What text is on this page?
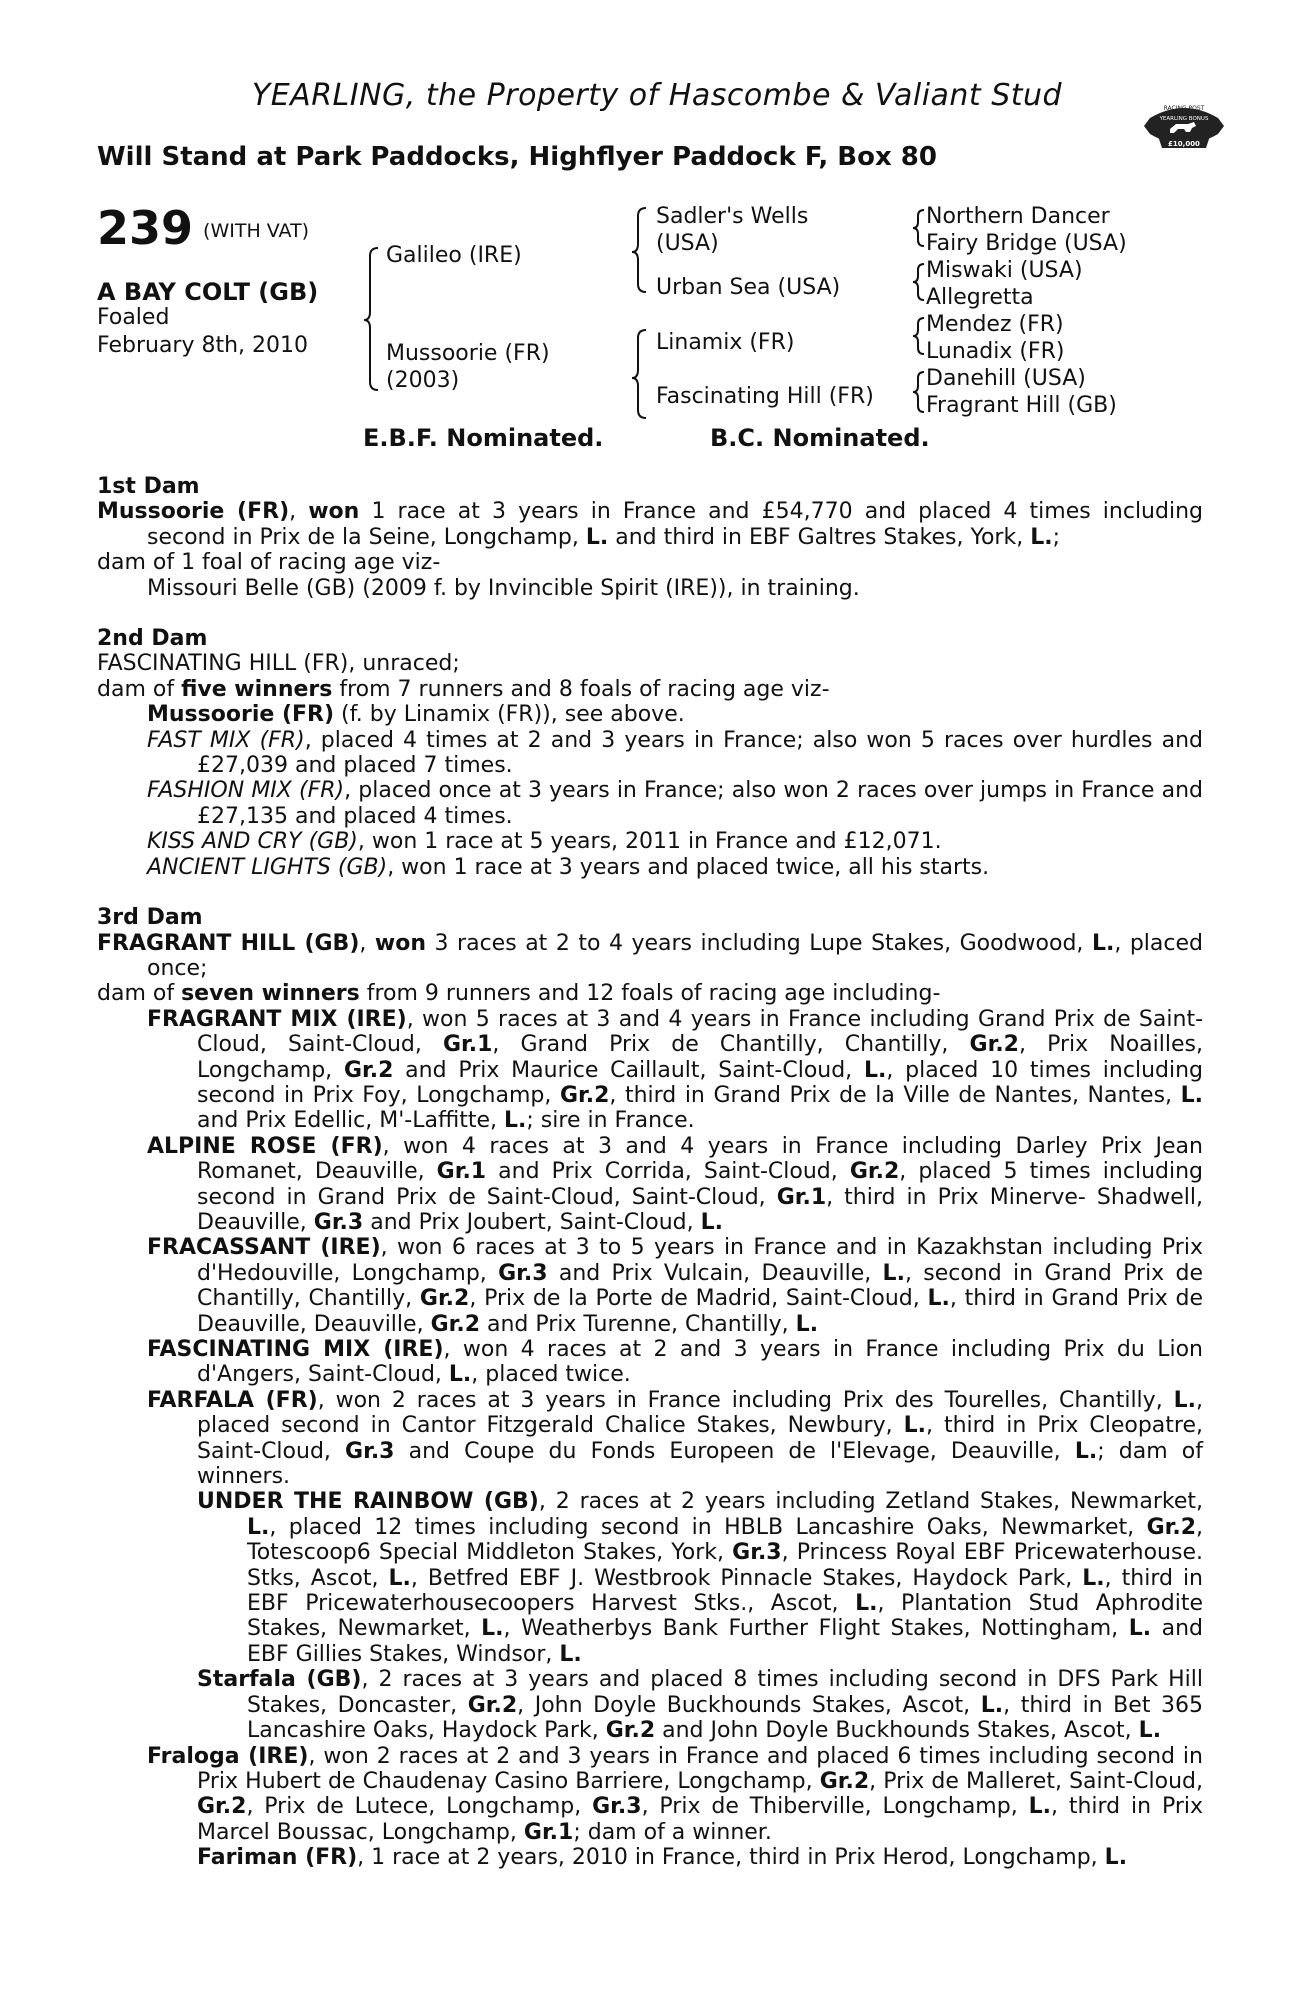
YEARLING, the Property of Hascombe & Valiant Stud
Will Stand at Park Paddocks, Highflyer Paddock F, Box 80
RACING POST
YEARLING BONUS
£10,000
239 (WITH VAT)
A BAY COLT (GB)
Foaled
February 8th, 2010
Galileo (IRE)
Mussoorie (FR)
(2003)
Sadler's Wells
(USA)
Urban Sea (USA)
Linamix (FR)
Fascinating Hill (FR)
Northern Dancer
Fairy Bridge (USA)
Miswaki (USA)
Allegretta
Mendez (FR)
Lunadix (FR)
Danehill (USA)
Fragrant Hill (GB)
E.B.F. Nominated.	B.C. Nominated.

1st Dam

Mussoorie (FR), won 1 race at 3 years in France and £54,770 and placed 4 times including second in Prix de la Seine, Longchamp, L. and third in EBF Galtres Stakes, York, L.;

dam of 1 foal of racing age viz-

Missouri Belle (GB) (2009 f. by Invincible Spirit (IRE)), in training.

2nd Dam

FASCINATING HILL (FR), unraced;

dam of five winners from 7 runners and 8 foals of racing age viz-

Mussoorie (FR) (f. by Linamix (FR)), see above.

FAST MIX (FR), placed 4 times at 2 and 3 years in France; also won 5 races over hurdles and £27,039 and placed 7 times.

FASHION MIX (FR), placed once at 3 years in France; also won 2 races over jumps in France and £27,135 and placed 4 times.

KISS AND CRY (GB), won 1 race at 5 years, 2011 in France and £12,071.

ANCIENT LIGHTS (GB), won 1 race at 3 years and placed twice, all his starts.

3rd Dam

FRAGRANT HILL (GB), won 3 races at 2 to 4 years including Lupe Stakes, Goodwood, L., placed once;

dam of seven winners from 9 runners and 12 foals of racing age including-

FRAGRANT MIX (IRE), won 5 races at 3 and 4 years in France including Grand Prix de Saint-Cloud, Saint-Cloud, Gr.1, Grand Prix de Chantilly, Chantilly, Gr.2, Prix Noailles, Longchamp, Gr.2 and Prix Maurice Caillault, Saint-Cloud, L., placed 10 times including second in Prix Foy, Longchamp, Gr.2, third in Grand Prix de la Ville de Nantes, Nantes, L. and Prix Edellic, M'-Laffitte, L.; sire in France.

ALPINE ROSE (FR), won 4 races at 3 and 4 years in France including Darley Prix Jean Romanet, Deauville, Gr.1 and Prix Corrida, Saint-Cloud, Gr.2, placed 5 times including second in Grand Prix de Saint-Cloud, Saint-Cloud, Gr.1, third in Prix Minerve- Shadwell, Deauville, Gr.3 and Prix Joubert, Saint-Cloud, L.

FRACASSANT (IRE), won 6 races at 3 to 5 years in France and in Kazakhstan including Prix d'Hedouville, Longchamp, Gr.3 and Prix Vulcain, Deauville, L., second in Grand Prix de Chantilly, Chantilly, Gr.2, Prix de la Porte de Madrid, Saint-Cloud, L., third in Grand Prix de Deauville, Deauville, Gr.2 and Prix Turenne, Chantilly, L.

FASCINATING MIX (IRE), won 4 races at 2 and 3 years in France including Prix du Lion d'Angers, Saint-Cloud, L., placed twice.

FARFALA (FR), won 2 races at 3 years in France including Prix des Tourelles, Chantilly, L., placed second in Cantor Fitzgerald Chalice Stakes, Newbury, L., third in Prix Cleopatre, Saint-Cloud, Gr.3 and Coupe du Fonds Europeen de l'Elevage, Deauville, L.; dam of winners.

UNDER THE RAINBOW (GB), 2 races at 2 years including Zetland Stakes, Newmarket, L., placed 12 times including second in HBLB Lancashire Oaks, Newmarket, Gr.2, Totescoop6 Special Middleton Stakes, York, Gr.3, Princess Royal EBF Pricewaterhouse. Stks, Ascot, L., Betfred EBF J. Westbrook Pinnacle Stakes, Haydock Park, L., third in EBF Pricewaterhousecoopers Harvest Stks., Ascot, L., Plantation Stud Aphrodite Stakes, Newmarket, L., Weatherbys Bank Further Flight Stakes, Nottingham, L. and EBF Gillies Stakes, Windsor, L.

Starfala (GB), 2 races at 3 years and placed 8 times including second in DFS Park Hill Stakes, Doncaster, Gr.2, John Doyle Buckhounds Stakes, Ascot, L., third in Bet 365 Lancashire Oaks, Haydock Park, Gr.2 and John Doyle Buckhounds Stakes, Ascot, L.

Fraloga (IRE), won 2 races at 2 and 3 years in France and placed 6 times including second in Prix Hubert de Chaudenay Casino Barriere, Longchamp, Gr.2, Prix de Malleret, Saint-Cloud, Gr.2, Prix de Lutece, Longchamp, Gr.3, Prix de Thiberville, Longchamp, L., third in Prix Marcel Boussac, Longchamp, Gr.1; dam of a winner.

Fariman (FR), 1 race at 2 years, 2010 in France, third in Prix Herod, Longchamp, L.
